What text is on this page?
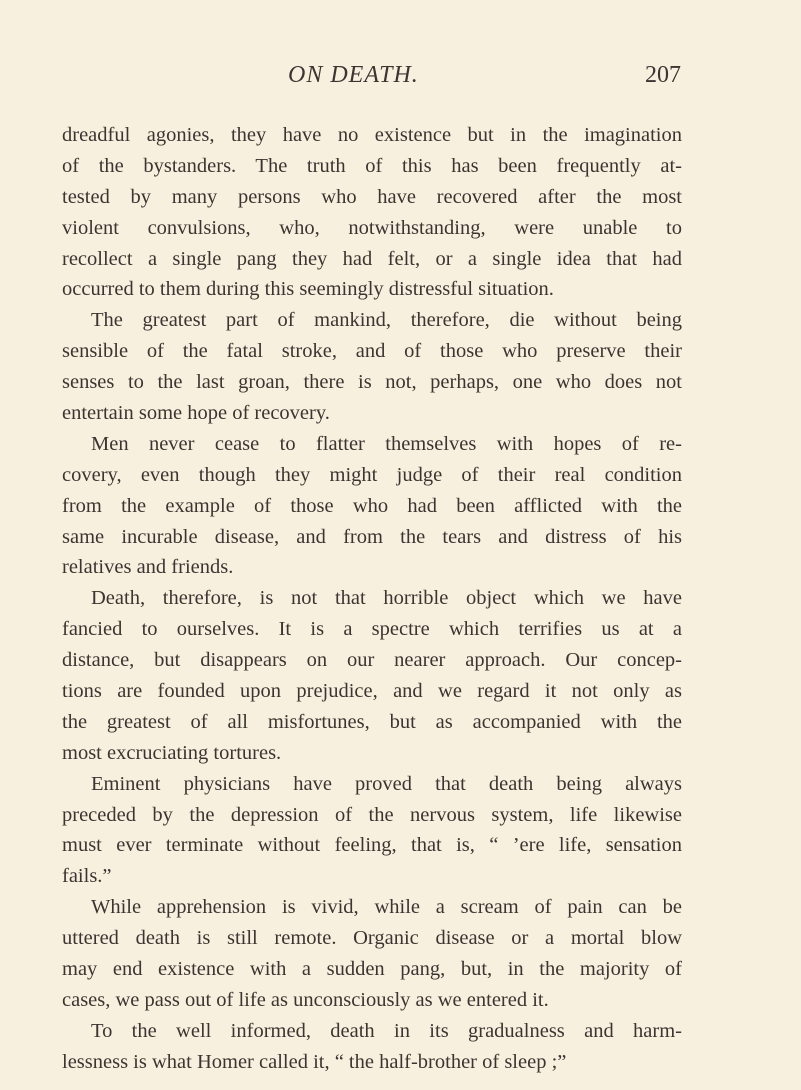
ON DEATH.	207
dreadful agonies, they have no existence but in the imagination
of the bystanders. The truth of this has been frequently at-
tested by many persons who have recovered after the most
violent convulsions, who, notwithstanding, were unable to
recollect a single pang they had felt, or a single idea that had
occurred to them during this seemingly distressful situation.
The greatest part of mankind, therefore, die without being
sensible of the fatal stroke, and of those who preserve their
senses to the last groan, there is not, perhaps, one who does not
entertain some hope of recovery.
Men never cease to flatter themselves with hopes of re-
covery, even though they might judge of their real condition
from the example of those who had been afflicted with the
same incurable disease, and from the tears and distress of his
relatives and friends.
Death, therefore, is not that horrible object which we have
fancied to ourselves. It is a spectre which terrifies us at a
distance, but disappears on our nearer approach. Our concep-
tions are founded upon prejudice, and we regard it not only as
the greatest of all misfortunes, but as accompanied with the
most excruciating tortures.
Eminent physicians have proved that death being always
preceded by the depression of the nervous system, life likewise
must ever terminate without feeling, that is, “ ’ere life, sensation
fails.”
While apprehension is vivid, while a scream of pain can be
uttered death is still remote. Organic disease or a mortal blow
may end existence with a sudden pang, but, in the majority of
cases, we pass out of life as unconsciously as we entered it.
To the well informed, death in its gradualness and harm-
lessness is what Homer called it, “ the half-brother of sleep ;”
